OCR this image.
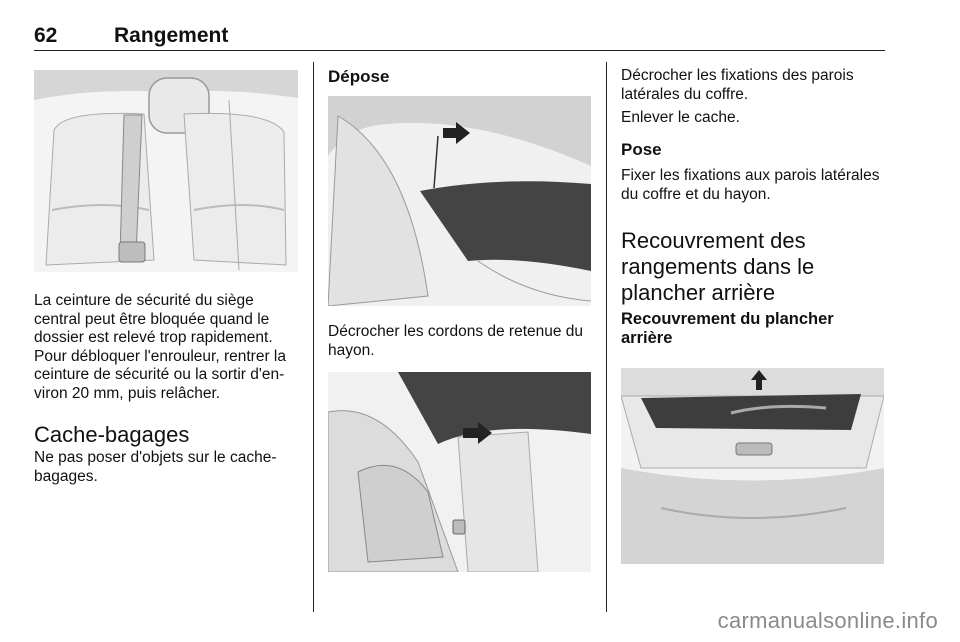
62	Rangement

La ceinture de sécurité du siège central peut être bloquée quand le dossier est relevé trop rapidement. Pour débloquer l'enrouleur, rentrer la ceinture de sécurité ou la sortir d'en-viron 20 mm, puis relâcher.

Cache-bagages

Ne pas poser d'objets sur le cache-bagages.

Dépose

Décrocher les cordons de retenue du hayon.

Décrocher les fixations des parois latérales du coffre.

Enlever le cache.

Pose

Fixer les fixations aux parois latérales du coffre et du hayon.

Recouvrement des rangements dans le plancher arrière
Recouvrement du plancher arrière
carmanualsonline.info
